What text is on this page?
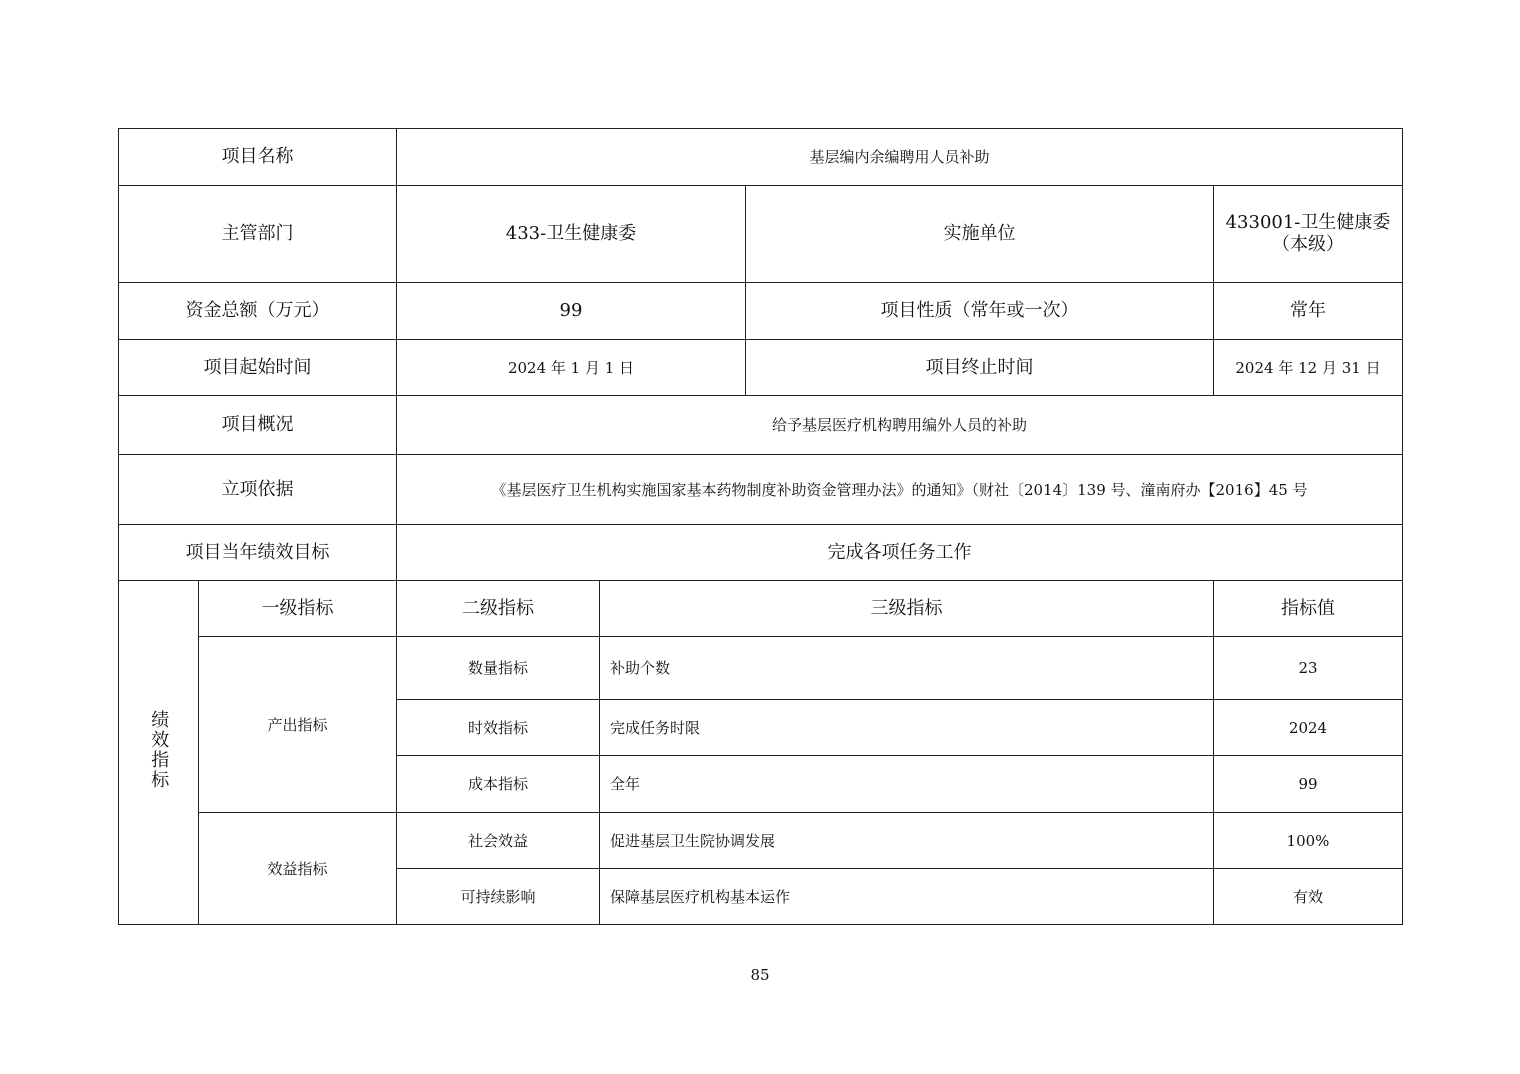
项目名称		基层编内余编聘用人员补助			
主管部门		433-卫生健康委		实施单位	433001-卫生健康委（本级）
资金总额（万元）		99		项目性质（常年或一次）	常年
项目起始时间		2024 年 1 月 1 日		项目终止时间	2024 年 12 月 31 日
项目概况		给予基层医疗机构聘用编外人员的补助			
立项依据		《基层医疗卫生机构实施国家基本药物制度补助资金管理办法》的通知》（财社〔2014〕139 号、潼南府办【2016】45 号			
项目当年绩效目标		完成各项任务工作			
绩效指标	一级指标	二级指标	三级指标		指标值
	产出指标	数量指标	补助个数		23
		时效指标	完成任务时限		2024
		成本指标	全年		99
	效益指标	社会效益	促进基层卫生院协调发展		100%
		可持续影响	保障基层医疗机构基本运作		有效
85
